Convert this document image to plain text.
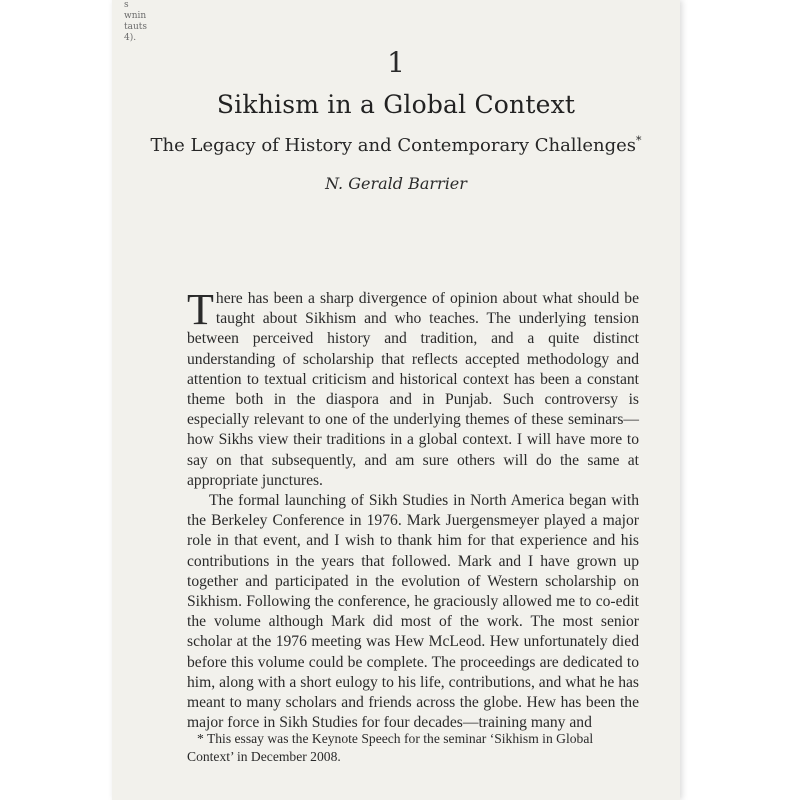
s
wnin
tauts
4).
1
Sikhism in a Global Context
The Legacy of History and Contemporary Challenges*
N. Gerald Barrier

There has been a sharp divergence of opinion about what should be taught about Sikhism and who teaches. The underlying tension between perceived history and tradition, and a quite distinct understanding of scholarship that reflects accepted methodology and attention to textual criticism and historical context has been a constant theme both in the diaspora and in Punjab. Such controversy is especially relevant to one of the underlying themes of these seminars—how Sikhs view their traditions in a global context. I will have more to say on that subsequently, and am sure others will do the same at appropriate junctures.

The formal launching of Sikh Studies in North America began with the Berkeley Conference in 1976. Mark Juergensmeyer played a major role in that event, and I wish to thank him for that experience and his contributions in the years that followed. Mark and I have grown up together and participated in the evolution of Western scholarship on Sikhism. Following the conference, he graciously allowed me to co-edit the volume although Mark did most of the work. The most senior scholar at the 1976 meeting was Hew McLeod. Hew unfortunately died before this volume could be complete. The proceedings are dedicated to him, along with a short eulogy to his life, contributions, and what he has meant to many scholars and friends across the globe. Hew has been the major force in Sikh Studies for four decades—training many and

* This essay was the Keynote Speech for the seminar ‘Sikhism in Global Context’ in December 2008.
